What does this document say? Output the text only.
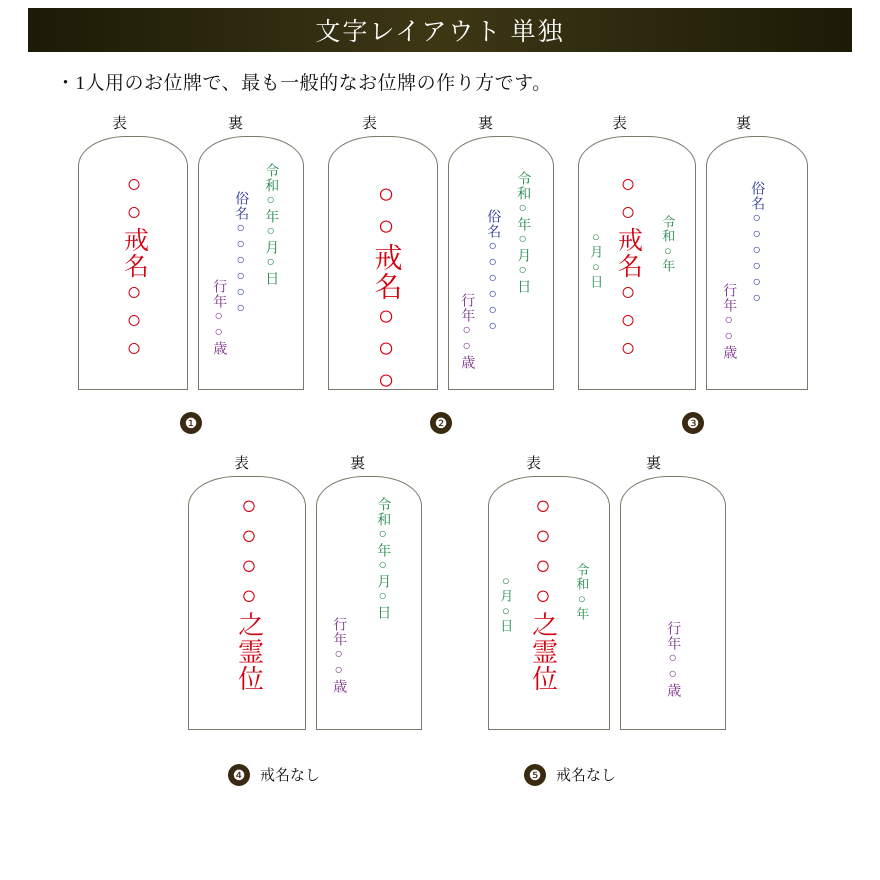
文字レイアウト 単独
・1人用のお位牌で、最も一般的なお位牌の作り方です。
表	裏
○○戒名○○○	令和○年○月○日
俗名○○○○○○
行年○○歳
❶
表	裏
○○戒名○○○	令和○年○月○日
俗名○○○○○○
行年○○歳
❷
表	裏
○○戒名○○○ 令和○年
○月○日	俗名○○○○○○
行年○○歳
❸
表	裏
○○○○之霊位	令和○年○月○日
行年○○歳
❹ 戒名なし
表	裏
○○○○之霊位 令和○年
○月○日
行年○○歳
❺ 戒名なし
